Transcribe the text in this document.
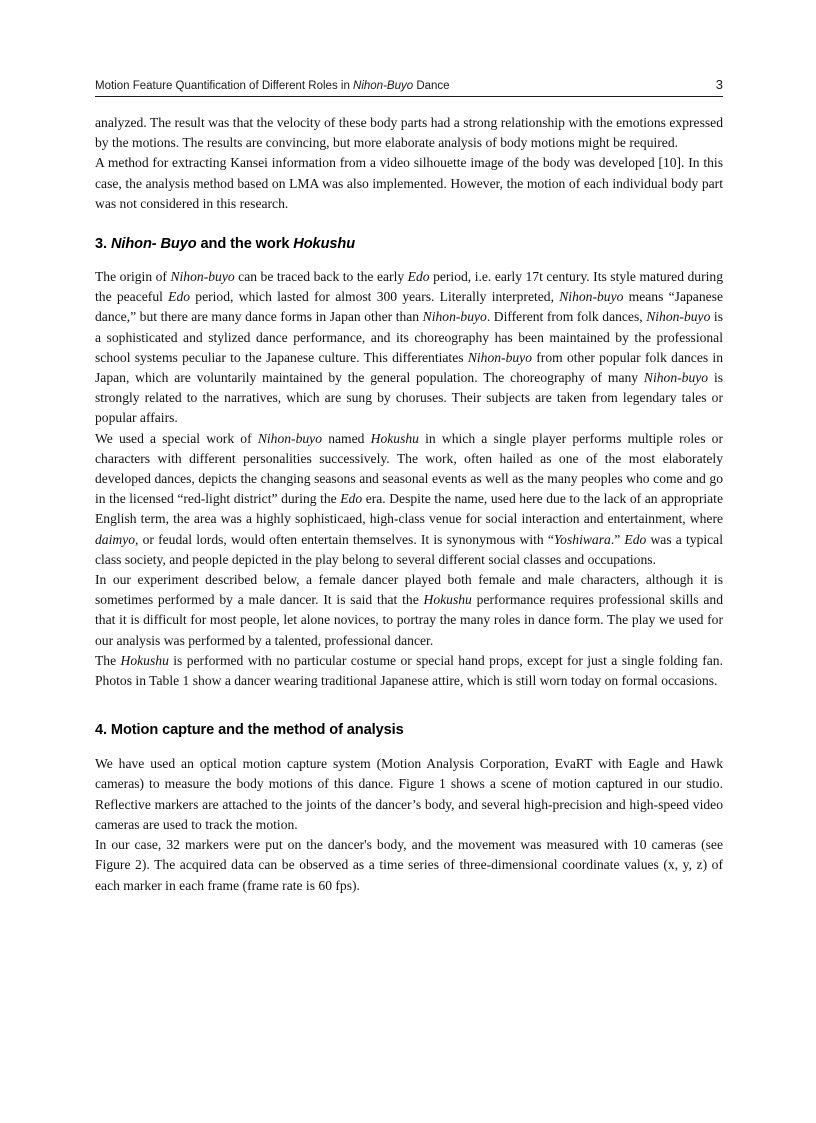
Motion Feature Quantification of Different Roles in Nihon-Buyo Dance	3

analyzed. The result was that the velocity of these body parts had a strong relationship with the emotions expressed by the motions. The results are convincing, but more elaborate analysis of body motions might be required.

A method for extracting Kansei information from a video silhouette image of the body was developed [10]. In this case, the analysis method based on LMA was also implemented. However, the motion of each individual body part was not considered in this research.

3. Nihon- Buyo and the work Hokushu

The origin of Nihon-buyo can be traced back to the early Edo period, i.e. early 17t century. Its style matured during the peaceful Edo period, which lasted for almost 300 years. Literally interpreted, Nihon-buyo means “Japanese dance,” but there are many dance forms in Japan other than Nihon-buyo. Different from folk dances, Nihon-buyo is a sophisticated and stylized dance performance, and its choreography has been maintained by the professional school systems peculiar to the Japanese culture. This differentiates Nihon-buyo from other popular folk dances in Japan, which are voluntarily maintained by the general population. The choreography of many Nihon-buyo is strongly related to the narratives, which are sung by choruses. Their subjects are taken from legendary tales or popular affairs.

We used a special work of Nihon-buyo named Hokushu in which a single player performs multiple roles or characters with different personalities successively. The work, often hailed as one of the most elaborately developed dances, depicts the changing seasons and seasonal events as well as the many peoples who come and go in the licensed “red-light district” during the Edo era. Despite the name, used here due to the lack of an appropriate English term, the area was a highly sophisticaed, high-class venue for social interaction and entertainment, where daimyo, or feudal lords, would often entertain themselves. It is synonymous with “Yoshiwara.” Edo was a typical class society, and people depicted in the play belong to several different social classes and occupations.

In our experiment described below, a female dancer played both female and male characters, although it is sometimes performed by a male dancer. It is said that the Hokushu performance requires professional skills and that it is difficult for most people, let alone novices, to portray the many roles in dance form. The play we used for our analysis was performed by a talented, professional dancer.

The Hokushu is performed with no particular costume or special hand props, except for just a single folding fan. Photos in Table 1 show a dancer wearing traditional Japanese attire, which is still worn today on formal occasions.

4. Motion capture and the method of analysis

We have used an optical motion capture system (Motion Analysis Corporation, EvaRT with Eagle and Hawk cameras) to measure the body motions of this dance. Figure 1 shows a scene of motion captured in our studio. Reflective markers are attached to the joints of the dancer’s body, and several high-precision and high-speed video cameras are used to track the motion.

In our case, 32 markers were put on the dancer's body, and the movement was measured with 10 cameras (see Figure 2). The acquired data can be observed as a time series of three-dimensional coordinate values (x, y, z) of each marker in each frame (frame rate is 60 fps).
